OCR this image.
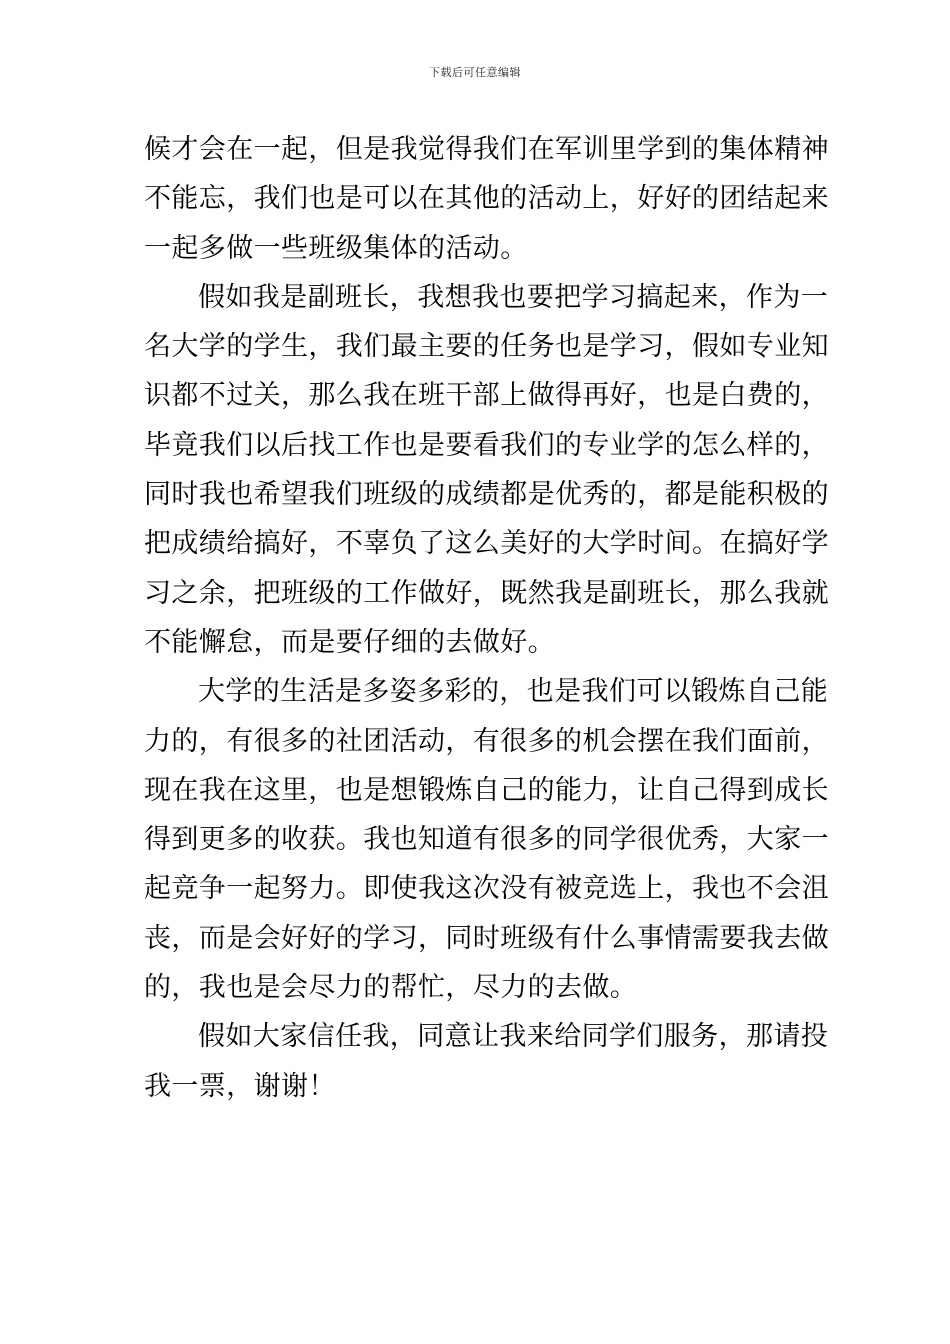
下载后可任意编辑
候才会在一起，但是我觉得我们在军训里学到的集体精神
不能忘，我们也是可以在其他的活动上，好好的团结起来
一起多做一些班级集体的活动。
假如我是副班长，我想我也要把学习搞起来，作为一
名大学的学生，我们最主要的任务也是学习，假如专业知
识都不过关，那么我在班干部上做得再好，也是白费的，
毕竟我们以后找工作也是要看我们的专业学的怎么样的，
同时我也希望我们班级的成绩都是优秀的，都是能积极的
把成绩给搞好，不辜负了这么美好的大学时间。在搞好学
习之余，把班级的工作做好，既然我是副班长，那么我就
不能懈怠，而是要仔细的去做好。
大学的生活是多姿多彩的，也是我们可以锻炼自己能
力的，有很多的社团活动，有很多的机会摆在我们面前，
现在我在这里，也是想锻炼自己的能力，让自己得到成长
得到更多的收获。我也知道有很多的同学很优秀，大家一
起竞争一起努力。即使我这次没有被竞选上，我也不会沮
丧，而是会好好的学习，同时班级有什么事情需要我去做
的，我也是会尽力的帮忙，尽力的去做。
假如大家信任我，同意让我来给同学们服务，那请投
我一票，谢谢！
